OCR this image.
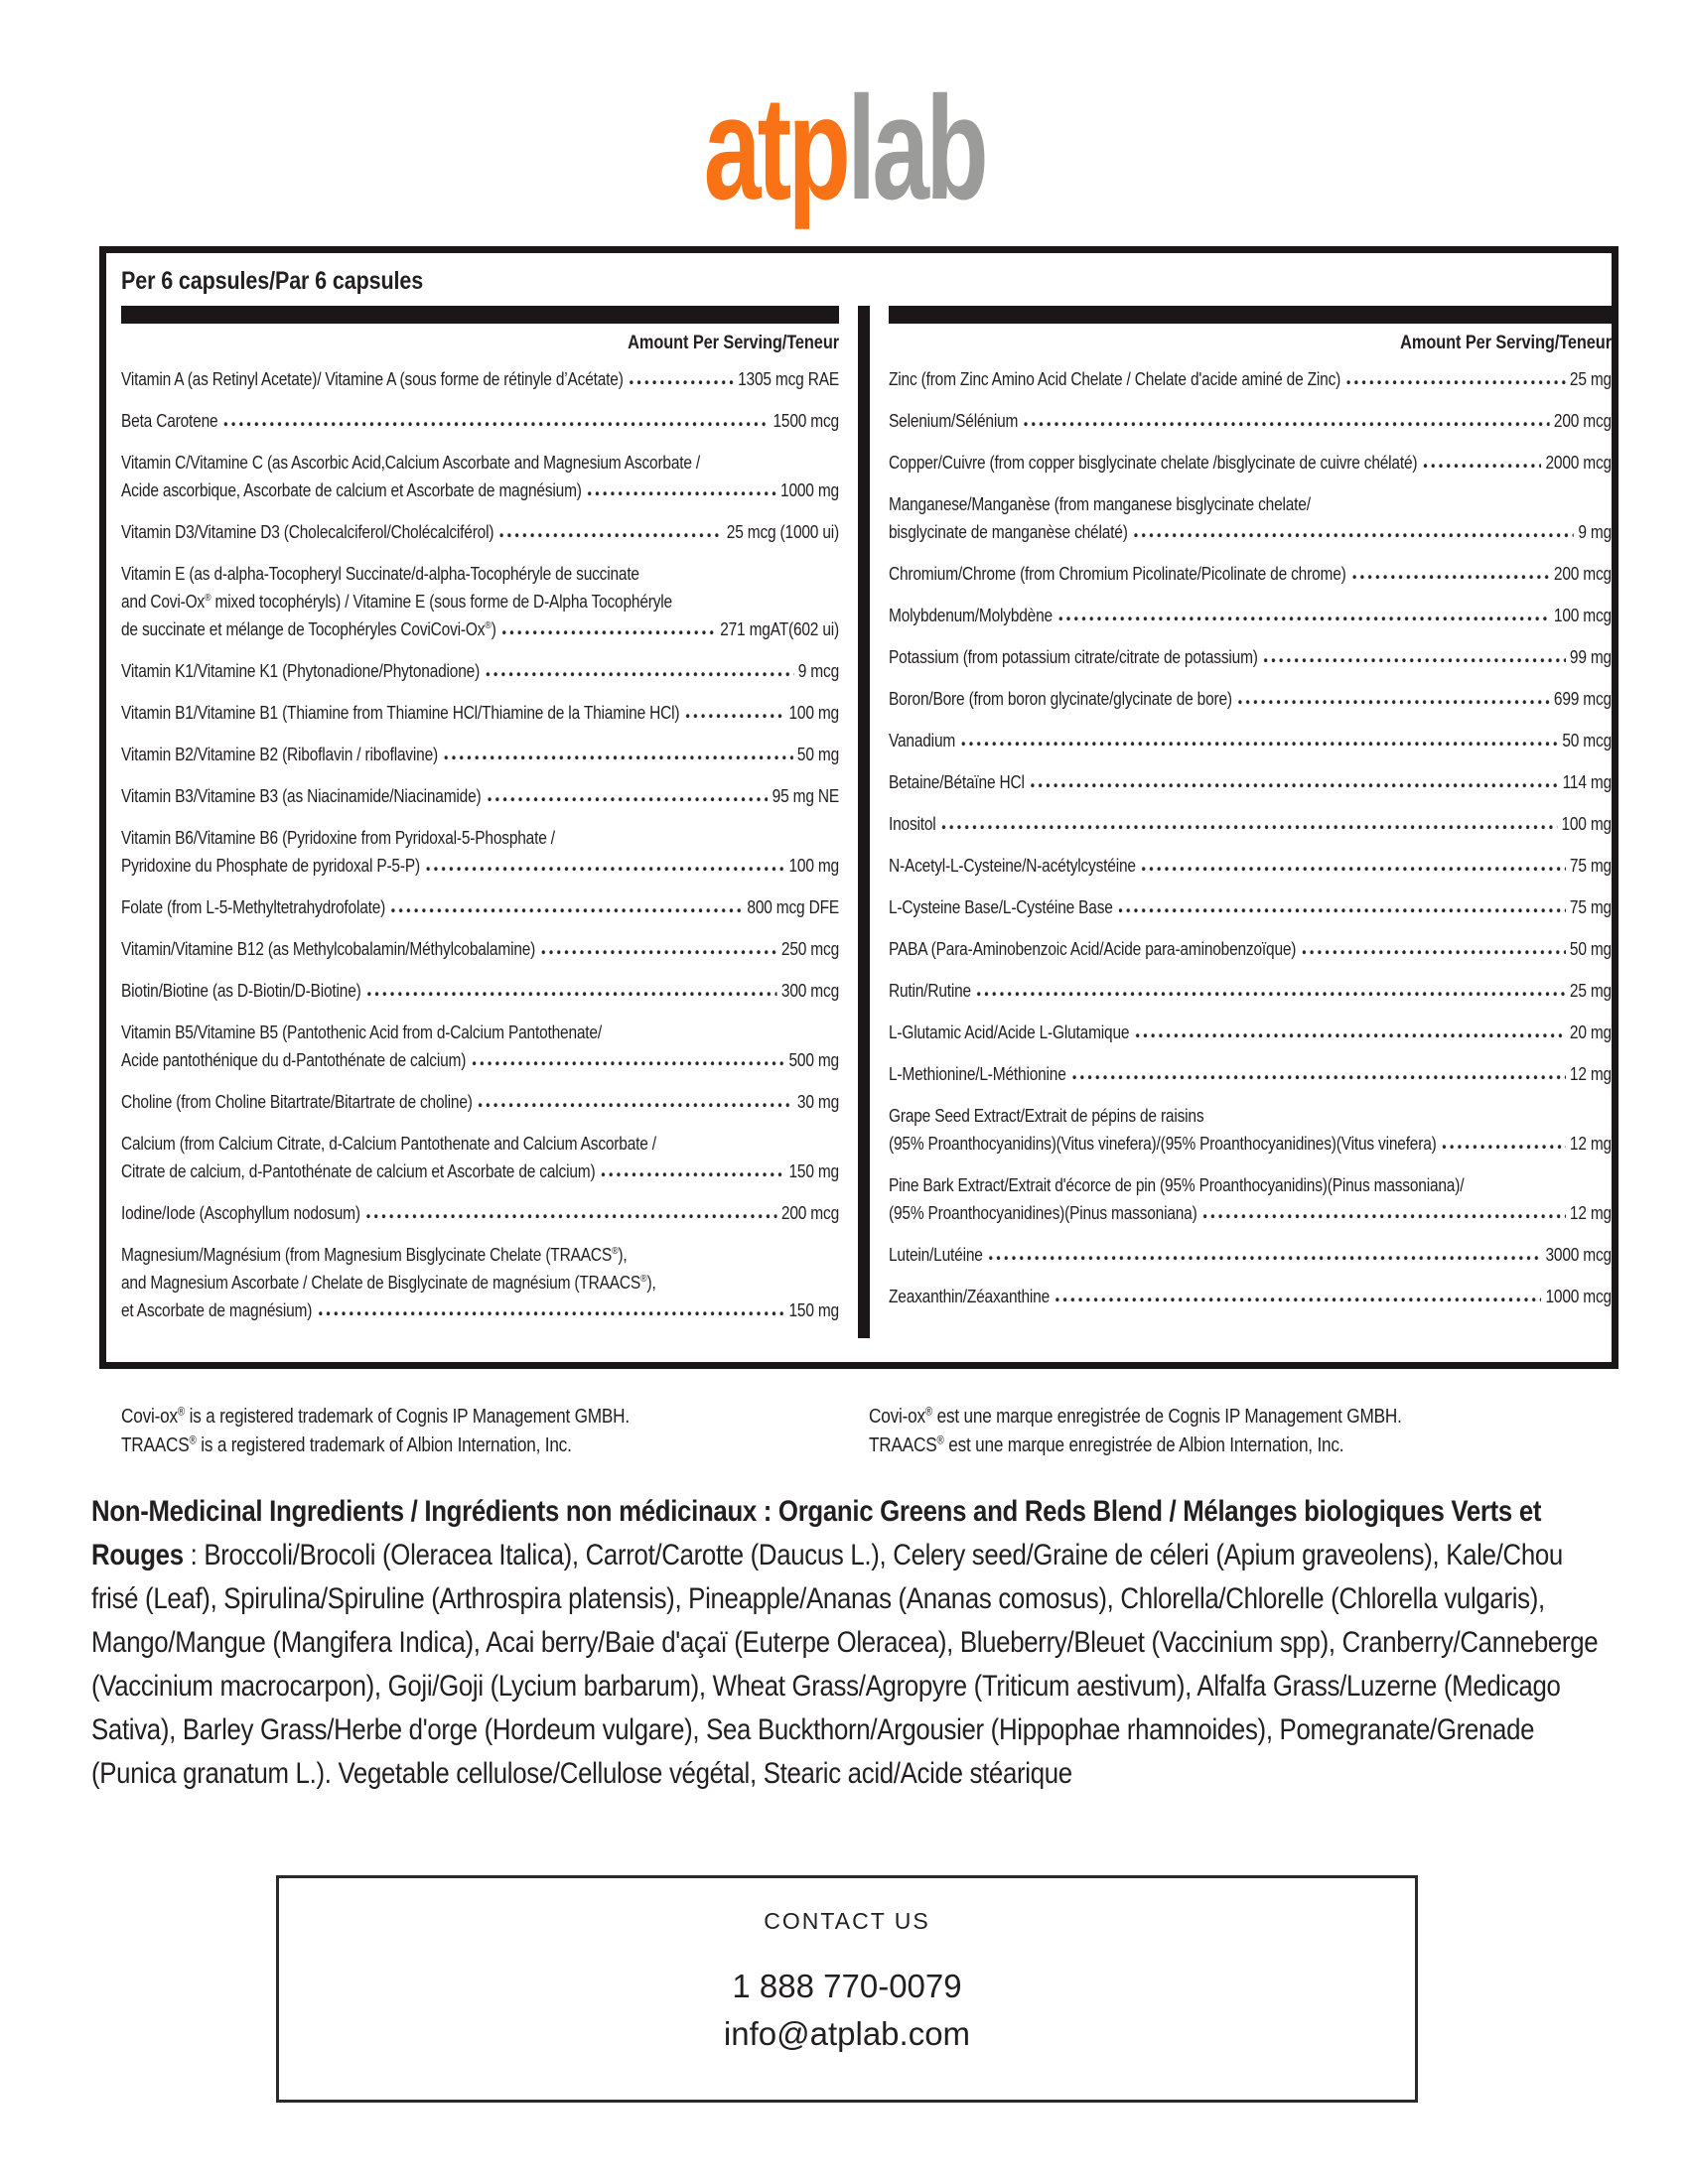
atplab
Per 6 capsules/Par 6 capsules
Amount Per Serving/Teneur
Vitamin A (as Retinyl Acetate)/ Vitamine A (sous forme de rétinyle d’Acétate)	1305 mcg RAE
Beta Carotene	1500 mcg
Vitamin C/Vitamine C (as Ascorbic Acid,Calcium Ascorbate and Magnesium Ascorbate /
Acide ascorbique, Ascorbate de calcium et Ascorbate de magnésium)	1000 mg
Vitamin D3/Vitamine D3 (Cholecalciferol/Cholécalciférol)	25 mcg (1000 ui)
Vitamin E (as d-alpha-Tocopheryl Succinate/d-alpha-Tocophéryle de succinate
and Covi-Ox® mixed tocophéryls) / Vitamine E (sous forme de D-Alpha Tocophéryle
de succinate et mélange de Tocophéryles CoviCovi-Ox®)	271 mgAT(602 ui)
Vitamin K1/Vitamine K1 (Phytonadione/Phytonadione)	9 mcg
Vitamin B1/Vitamine B1 (Thiamine from Thiamine HCl/Thiamine de la Thiamine HCl)	100 mg
Vitamin B2/Vitamine B2 (Riboflavin / riboflavine)	50 mg
Vitamin B3/Vitamine B3 (as Niacinamide/Niacinamide)	95 mg NE
Vitamin B6/Vitamine B6 (Pyridoxine from Pyridoxal-5-Phosphate /
Pyridoxine du Phosphate de pyridoxal P-5-P)	100 mg
Folate (from L-5-Methyltetrahydrofolate)	800 mcg DFE
Vitamin/Vitamine B12 (as Methylcobalamin/Méthylcobalamine)	250 mcg
Biotin/Biotine (as D-Biotin/D-Biotine)	300 mcg
Vitamin B5/Vitamine B5 (Pantothenic Acid from d-Calcium Pantothenate/
Acide pantothénique du d-Pantothénate de calcium)	500 mg
Choline (from Choline Bitartrate/Bitartrate de choline)	30 mg
Calcium (from Calcium Citrate, d-Calcium Pantothenate and Calcium Ascorbate /
Citrate de calcium, d-Pantothénate de calcium et Ascorbate de calcium)	150 mg
Iodine/Iode (Ascophyllum nodosum)	200 mcg
Magnesium/Magnésium (from Magnesium Bisglycinate Chelate (TRAACS®),
and Magnesium Ascorbate / Chelate de Bisglycinate de magnésium (TRAACS®),
et Ascorbate de magnésium)	150 mg
Amount Per Serving/Teneur
Zinc (from Zinc Amino Acid Chelate / Chelate d'acide aminé de Zinc)	25 mg
Selenium/Sélénium	200 mcg
Copper/Cuivre (from copper bisglycinate chelate /bisglycinate de cuivre chélaté)	2000 mcg
Manganese/Manganèse (from manganese bisglycinate chelate/
bisglycinate de manganèse chélaté)	9 mg
Chromium/Chrome (from Chromium Picolinate/Picolinate de chrome)	200 mcg
Molybdenum/Molybdène	100 mcg
Potassium (from potassium citrate/citrate de potassium)	99 mg
Boron/Bore (from boron glycinate/glycinate de bore)	699 mcg
Vanadium	50 mcg
Betaine/Bétaïne HCl	114 mg
Inositol	100 mg
N-Acetyl-L-Cysteine/N-acétylcystéine	75 mg
L-Cysteine Base/L-Cystéine Base	75 mg
PABA (Para-Aminobenzoic Acid/Acide para-aminobenzoïque)	50 mg
Rutin/Rutine	25 mg
L-Glutamic Acid/Acide L-Glutamique	20 mg
L-Methionine/L-Méthionine	12 mg
Grape Seed Extract/Extrait de pépins de raisins
(95% Proanthocyanidins)(Vitus vinefera)/(95% Proanthocyanidines)(Vitus vinefera)	12 mg
Pine Bark Extract/Extrait d'écorce de pin (95% Proanthocyanidins)(Pinus massoniana)/
(95% Proanthocyanidines)(Pinus massoniana)	12 mg
Lutein/Lutéine	3000 mcg
Zeaxanthin/Zéaxanthine	1000 mcg
Covi-ox® is a registered trademark of Cognis IP Management GMBH.
TRAACS® is a registered trademark of Albion Internation, Inc.
Covi-ox® est une marque enregistrée de Cognis IP Management GMBH.
TRAACS® est une marque enregistrée de Albion Internation, Inc.
Non-Medicinal Ingredients / Ingrédients non médicinaux : Organic Greens and Reds Blend / Mélanges biologiques Verts et Rouges : Broccoli/Brocoli (Oleracea Italica), Carrot/Carotte (Daucus L.), Celery seed/Graine de céleri (Apium graveolens), Kale/Chou frisé (Leaf), Spirulina/Spiruline (Arthrospira platensis), Pineapple/Ananas (Ananas comosus), Chlorella/Chlorelle (Chlorella vulgaris), Mango/Mangue (Mangifera Indica), Acai berry/Baie d'açaï (Euterpe Oleracea), Blueberry/Bleuet (Vaccinium spp), Cranberry/Canneberge (Vaccinium macrocarpon), Goji/Goji (Lycium barbarum), Wheat Grass/Agropyre (Triticum aestivum), Alfalfa Grass/Luzerne (Medicago Sativa), Barley Grass/Herbe d'orge (Hordeum vulgare), Sea Buckthorn/Argousier (Hippophae rhamnoides), Pomegranate/Grenade (Punica granatum L.). Vegetable cellulose/Cellulose végétal, Stearic acid/Acide stéarique
CONTACT US
1 888 770-0079
info@atplab.com
